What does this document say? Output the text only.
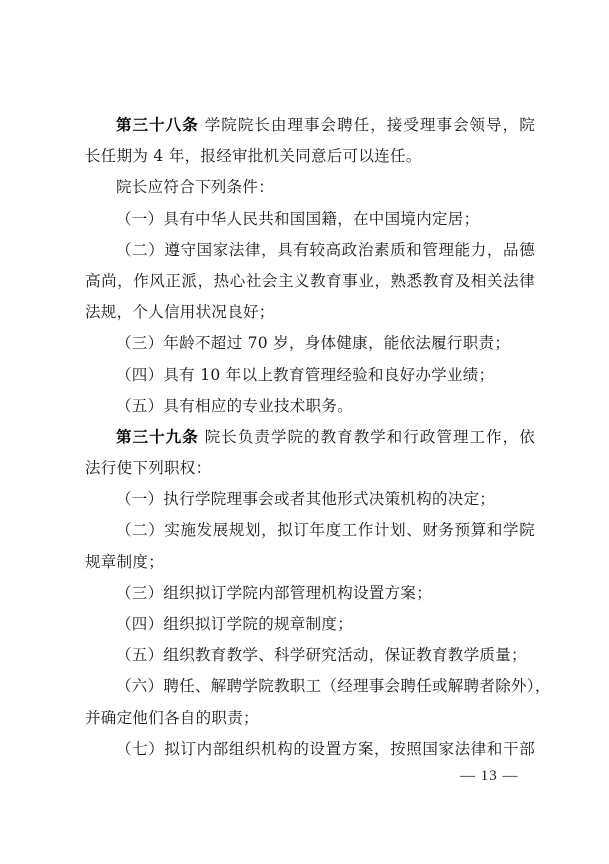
第三十八条 学院院长由理事会聘任，接受理事会领导，院
长任期为 4 年，报经审批机关同意后可以连任。
院长应符合下列条件：
（一）具有中华人民共和国国籍，在中国境内定居；
（二）遵守国家法律，具有较高政治素质和管理能力，品德
高尚，作风正派，热心社会主义教育事业，熟悉教育及相关法律
法规，个人信用状况良好；
（三）年龄不超过 70 岁，身体健康，能依法履行职责；
（四）具有 10 年以上教育管理经验和良好办学业绩；
（五）具有相应的专业技术职务。
第三十九条 院长负责学院的教育教学和行政管理工作，依
法行使下列职权：
（一）执行学院理事会或者其他形式决策机构的决定；
（二）实施发展规划，拟订年度工作计划、财务预算和学院
规章制度；
（三）组织拟订学院内部管理机构设置方案；
（四）组织拟订学院的规章制度；
（五）组织教育教学、科学研究活动，保证教育教学质量；
（六）聘任、解聘学院教职工（经理事会聘任或解聘者除外），
并确定他们各自的职责；
（七）拟订内部组织机构的设置方案，按照国家法律和干部
— 13 —
